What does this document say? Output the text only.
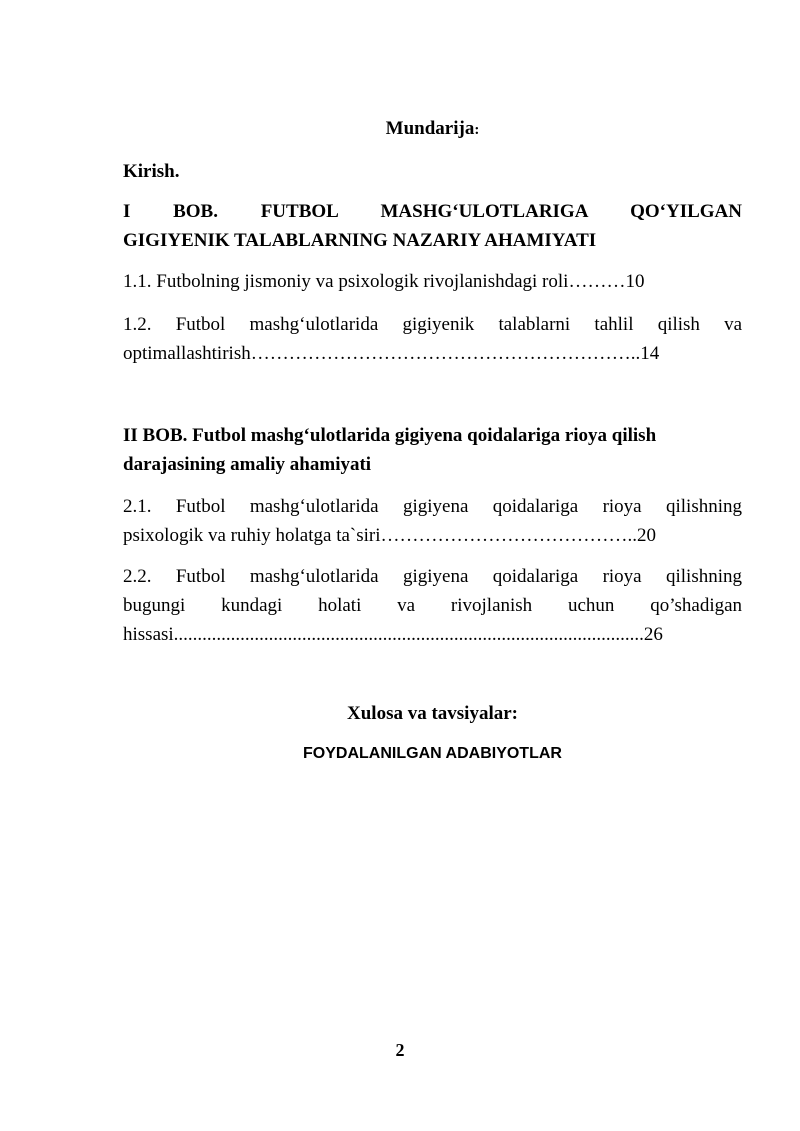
Mundarija:
Kirish.
I BOB. FUTBOL MASHG‘ULOTLARIGA QO‘YILGAN
GIGIYENIK TALABLARNING NAZARIY AHAMIYATI
1.1. Futbolning jismoniy va psixologik rivojlanishdagi roli………10
1.2. Futbol mashg‘ulotlarida gigiyenik talablarni tahlil qilish va
optimallashtirish……………………………………………………..14
II BOB. Futbol mashg‘ulotlarida gigiyena qoidalariga rioya qilish
darajasining amaliy ahamiyati
2.1. Futbol mashg‘ulotlarida gigiyena qoidalariga rioya qilishning
psixologik va ruhiy holatga ta`siri…………………………………..20
2.2. Futbol mashg‘ulotlarida gigiyena qoidalariga rioya qilishning
bugungi kundagi holati va rivojlanish uchun qo’shadigan
hissasi...................................................................................................26
Xulosa va tavsiyalar:
FOYDALANILGAN ADABIYOTLAR
2
